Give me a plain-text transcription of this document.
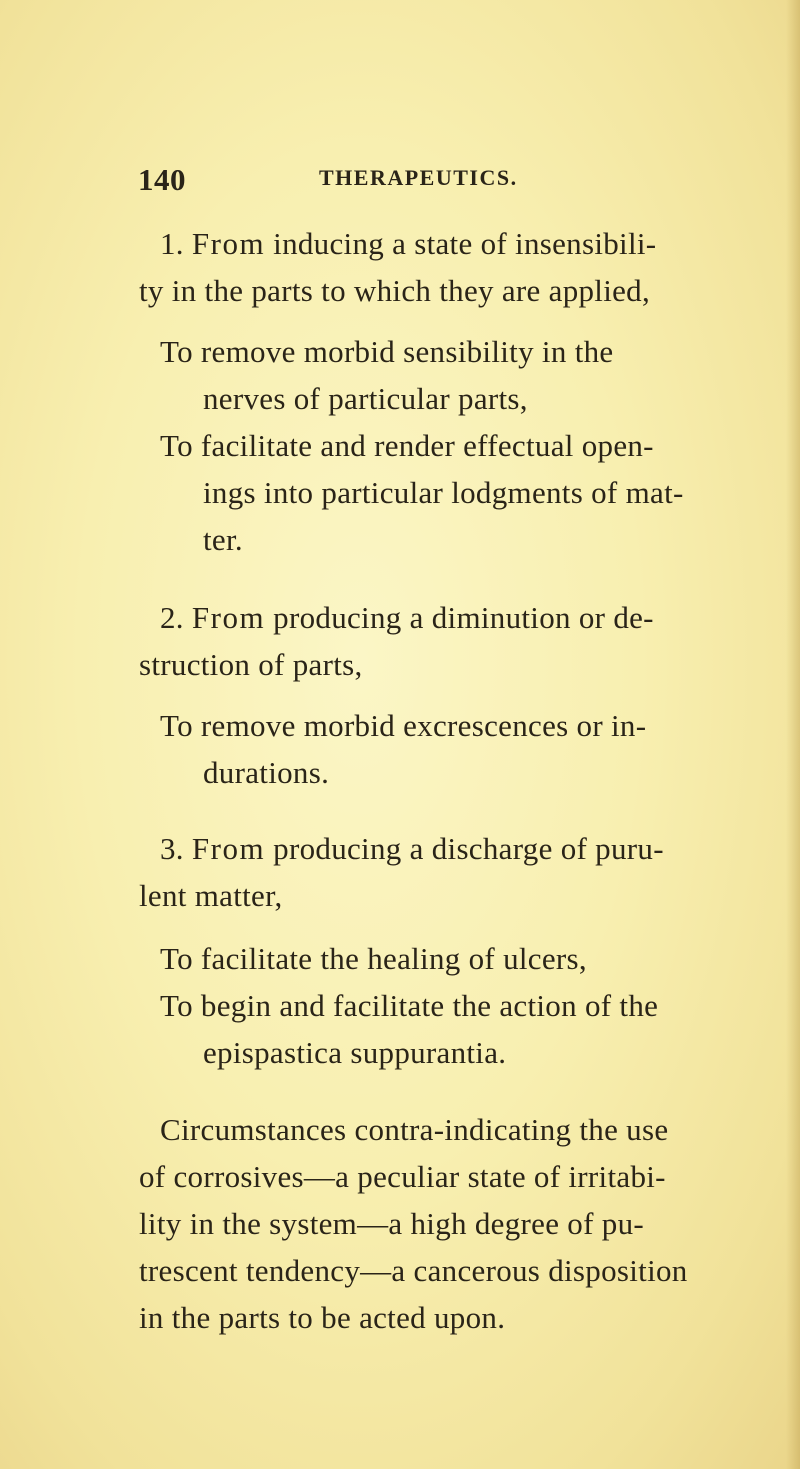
140	THERAPEUTICS.
1. From inducing a state of insensibili-
ty in the parts to which they are applied,
To remove morbid sensibility in the
nerves of particular parts,
To facilitate and render effectual open-
ings into particular lodgments of mat-
ter.
2. From producing a diminution or de-
struction of parts,
To remove morbid excrescences or in-
durations.
3. From producing a discharge of puru-
lent matter,
To facilitate the healing of ulcers,
To begin and facilitate the action of the
epispastica suppurantia.
Circumstances contra-indicating the use
of corrosives—a peculiar state of irritabi-
lity in the system—a high degree of pu-
trescent tendency—a cancerous disposition
in the parts to be acted upon.
